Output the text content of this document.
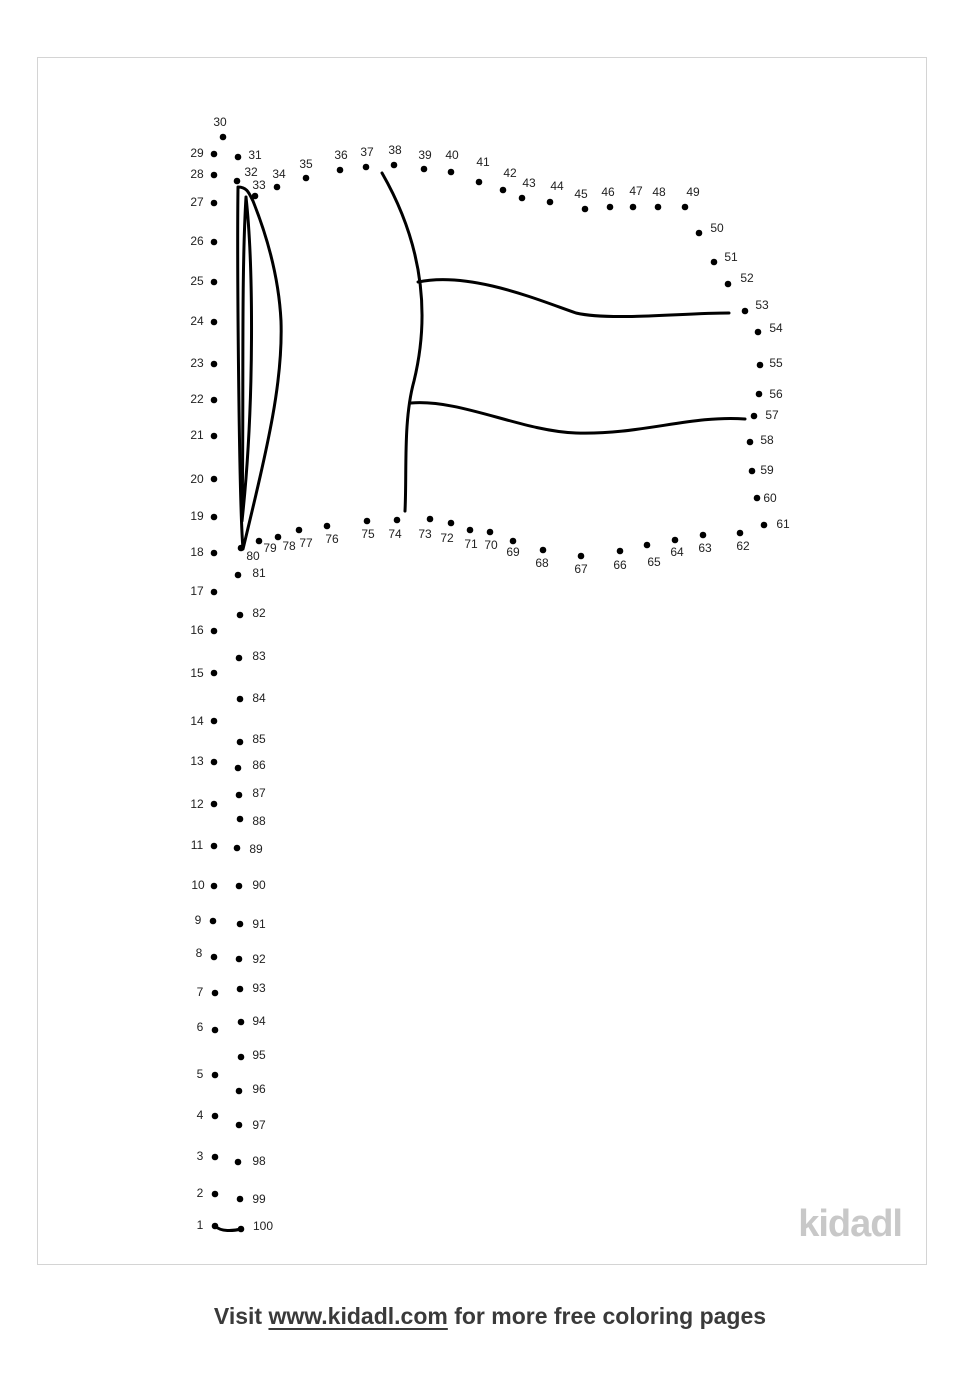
1
2
3
4
5
6
7
8
9
10
11
12
13
14
15
16
17
18
19
20
21
22
23
24
25
26
27
28
29
30
31
32
33
34
35
36 37 38 39 40 41
42
43 44
45 46 47 48 49
50
51
52
53
54
55
56
57
58
59
60
61
62
63
64
65
66
67
68
69
70
71
72
73
74
75
76
77
78
79
80
81
82
83
84
85
86
87
88
89
90
91
92
93
94
95
96
97
98
99
100	kidadl
Visit www.kidadl.com for more free coloring pages
